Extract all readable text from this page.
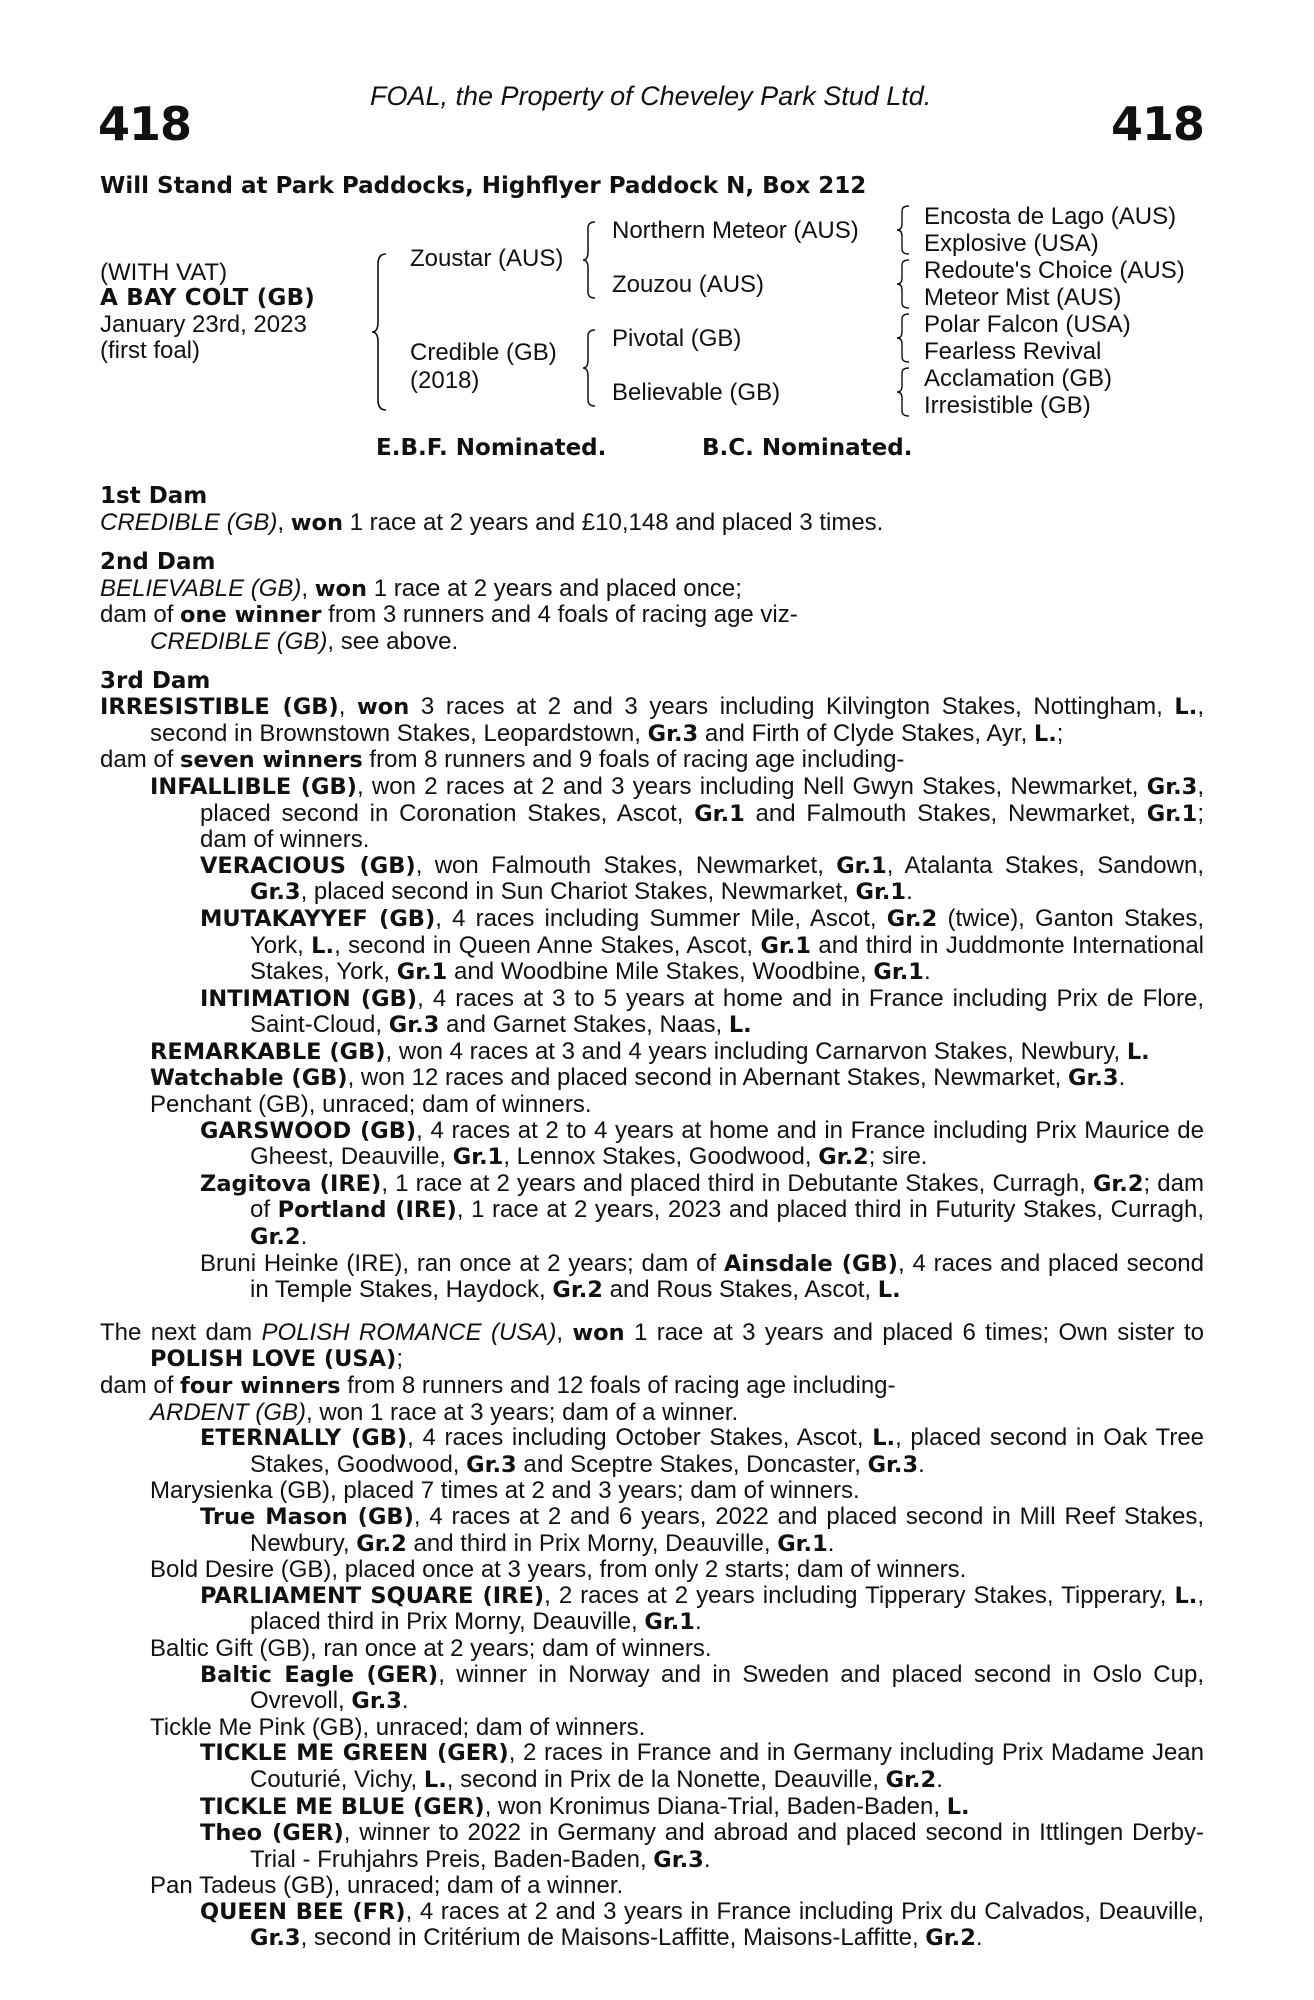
FOAL, the Property of Cheveley Park Stud Ltd.
418	418
Will Stand at Park Paddocks, Highflyer Paddock N, Box 212
(WITH VAT)
A BAY COLT (GB)
January 23rd, 2023
(first foal)
Zoustar (AUS)
Credible (GB)
(2018)
Northern Meteor (AUS)
Zouzou (AUS)
Pivotal (GB)
Believable (GB)
Encosta de Lago (AUS)
Explosive (USA)
Redoute's Choice (AUS)
Meteor Mist (AUS)
Polar Falcon (USA)
Fearless Revival
Acclamation (GB)
Irresistible (GB)
E.B.F. Nominated.	B.C. Nominated.
1st Dam
CREDIBLE (GB), won 1 race at 2 years and £10,148 and placed 3 times.
2nd Dam
BELIEVABLE (GB), won 1 race at 2 years and placed once;
dam of one winner from 3 runners and 4 foals of racing age viz-
CREDIBLE (GB), see above.
3rd Dam
IRRESISTIBLE (GB), won 3 races at 2 and 3 years including Kilvington Stakes, Nottingham, L., second in Brownstown Stakes, Leopardstown, Gr.3 and Firth of Clyde Stakes, Ayr, L.;
dam of seven winners from 8 runners and 9 foals of racing age including-
INFALLIBLE (GB), won 2 races at 2 and 3 years including Nell Gwyn Stakes, Newmarket, Gr.3, placed second in Coronation Stakes, Ascot, Gr.1 and Falmouth Stakes, Newmarket, Gr.1; dam of winners.
VERACIOUS (GB), won Falmouth Stakes, Newmarket, Gr.1, Atalanta Stakes, Sandown, Gr.3, placed second in Sun Chariot Stakes, Newmarket, Gr.1.
MUTAKAYYEF (GB), 4 races including Summer Mile, Ascot, Gr.2 (twice), Ganton Stakes, York, L., second in Queen Anne Stakes, Ascot, Gr.1 and third in Juddmonte International Stakes, York, Gr.1 and Woodbine Mile Stakes, Woodbine, Gr.1.
INTIMATION (GB), 4 races at 3 to 5 years at home and in France including Prix de Flore, Saint-Cloud, Gr.3 and Garnet Stakes, Naas, L.
REMARKABLE (GB), won 4 races at 3 and 4 years including Carnarvon Stakes, Newbury, L.
Watchable (GB), won 12 races and placed second in Abernant Stakes, Newmarket, Gr.3.
Penchant (GB), unraced; dam of winners.
GARSWOOD (GB), 4 races at 2 to 4 years at home and in France including Prix Maurice de Gheest, Deauville, Gr.1, Lennox Stakes, Goodwood, Gr.2; sire.
Zagitova (IRE), 1 race at 2 years and placed third in Debutante Stakes, Curragh, Gr.2; dam of Portland (IRE), 1 race at 2 years, 2023 and placed third in Futurity Stakes, Curragh, Gr.2.
Bruni Heinke (IRE), ran once at 2 years; dam of Ainsdale (GB), 4 races and placed second in Temple Stakes, Haydock, Gr.2 and Rous Stakes, Ascot, L.
The next dam POLISH ROMANCE (USA), won 1 race at 3 years and placed 6 times; Own sister to POLISH LOVE (USA);
dam of four winners from 8 runners and 12 foals of racing age including-
ARDENT (GB), won 1 race at 3 years; dam of a winner.
ETERNALLY (GB), 4 races including October Stakes, Ascot, L., placed second in Oak Tree Stakes, Goodwood, Gr.3 and Sceptre Stakes, Doncaster, Gr.3.
Marysienka (GB), placed 7 times at 2 and 3 years; dam of winners.
True Mason (GB), 4 races at 2 and 6 years, 2022 and placed second in Mill Reef Stakes, Newbury, Gr.2 and third in Prix Morny, Deauville, Gr.1.
Bold Desire (GB), placed once at 3 years, from only 2 starts; dam of winners.
PARLIAMENT SQUARE (IRE), 2 races at 2 years including Tipperary Stakes, Tipperary, L., placed third in Prix Morny, Deauville, Gr.1.
Baltic Gift (GB), ran once at 2 years; dam of winners.
Baltic Eagle (GER), winner in Norway and in Sweden and placed second in Oslo Cup, Ovrevoll, Gr.3.
Tickle Me Pink (GB), unraced; dam of winners.
TICKLE ME GREEN (GER), 2 races in France and in Germany including Prix Madame Jean Couturié, Vichy, L., second in Prix de la Nonette, Deauville, Gr.2.
TICKLE ME BLUE (GER), won Kronimus Diana-Trial, Baden-Baden, L.
Theo (GER), winner to 2022 in Germany and abroad and placed second in Ittlingen Derby-Trial - Fruhjahrs Preis, Baden-Baden, Gr.3.
Pan Tadeus (GB), unraced; dam of a winner.
QUEEN BEE (FR), 4 races at 2 and 3 years in France including Prix du Calvados, Deauville, Gr.3, second in Critérium de Maisons-Laffitte, Maisons-Laffitte, Gr.2.
